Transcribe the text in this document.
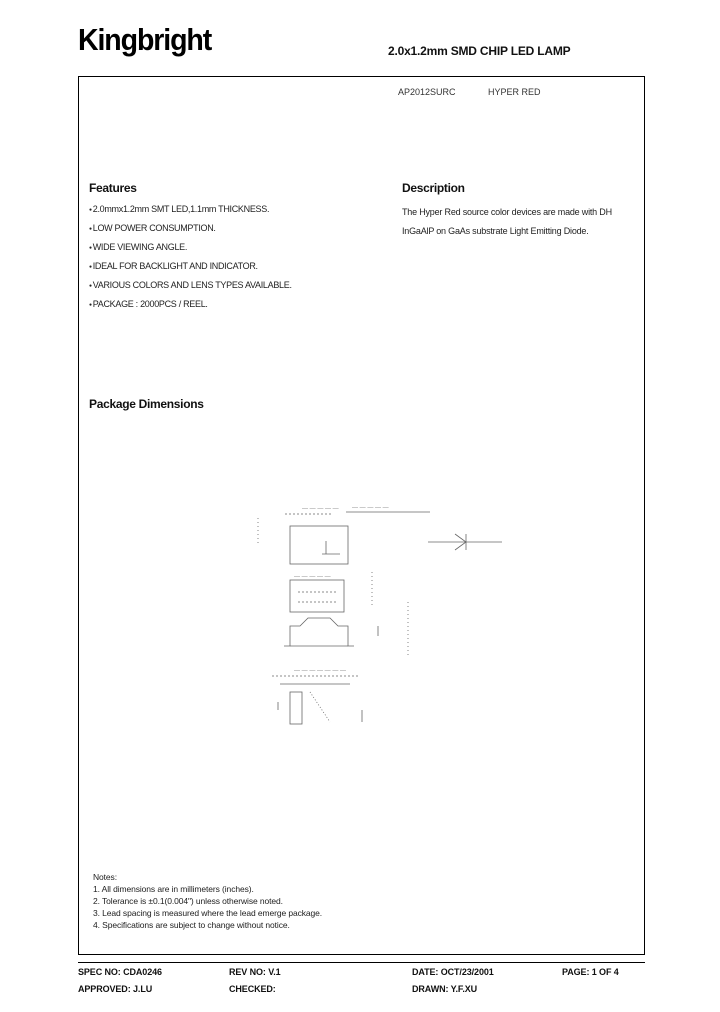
Kingbright	2.0x1.2mm SMD CHIP LED LAMP
AP2012SURC	HYPER RED
Features
● 2.0mmx1.2mm SMT LED,1.1mm THICKNESS.
● LOW POWER CONSUMPTION.
● WIDE VIEWING ANGLE.
● IDEAL FOR BACKLIGHT AND INDICATOR.
● VARIOUS COLORS AND LENS TYPES AVAILABLE.
● PACKAGE : 2000PCS / REEL.
Description
The Hyper Red source color devices are made with DH
InGaAlP on GaAs substrate Light Emitting Diode.
Package Dimensions
— — — — — — — — — —
— — — — —
— — — — — — —
Notes:
1. All dimensions are in millimeters (inches).
2. Tolerance is ±0.1(0.004") unless otherwise noted.
3. Lead spacing is measured where the lead emerge package.
4. Specifications are subject to change without notice.
SPEC NO: CDA0246	REV NO: V.1	DATE: OCT/23/2001	PAGE: 1 OF 4
APPROVED: J.LU	CHECKED:	DRAWN: Y.F.XU
